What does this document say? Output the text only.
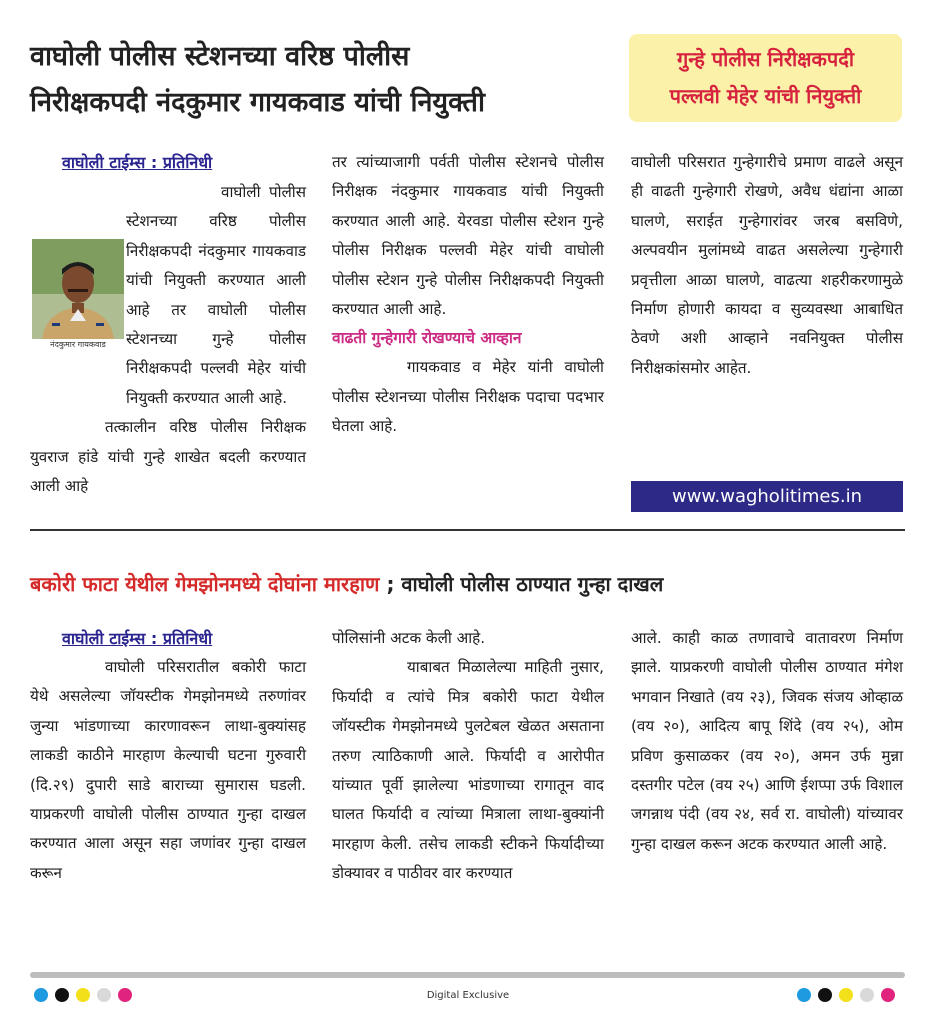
वाघोली पोलीस स्टेशनच्या वरिष्ठ पोलीस
निरीक्षकपदी नंदकुमार गायकवाड यांची नियुक्ती
गुन्हे पोलीस निरीक्षकपदी
पल्लवी मेहेर यांची नियुक्ती
वाघोली टाईम्स : प्रतिनिधी
नंदकुमार गायकवाड

वाघोली पोलीस स्टेशनच्या वरिष्ठ पोलीस निरीक्षकपदी नंदकुमार गायकवाड यांची नियुक्ती करण्यात आली आहे तर वाघोली पोलीस स्टेशनच्या गुन्हे पोलीस निरीक्षकपदी पल्लवी मेहेर यांची नियुक्ती करण्यात आली आहे.

तत्कालीन वरिष्ठ पोलीस निरीक्षक युवराज हांडे यांची गुन्हे शाखेत बदली करण्यात आली आहे

तर त्यांच्याजागी पर्वती पोलीस स्टेशनचे पोलीस निरीक्षक नंदकुमार गायकवाड यांची नियुक्ती करण्यात आली आहे. येरवडा पोलीस स्टेशन गुन्हे पोलीस निरीक्षक पल्लवी मेहेर यांची वाघोली पोलीस स्टेशन गुन्हे पोलीस निरीक्षकपदी नियुक्ती करण्यात आली आहे.

वाढती गुन्हेगारी रोखण्याचे आव्हान

गायकवाड व मेहेर यांनी वाघोली पोलीस स्टेशनच्या पोलीस निरीक्षक पदाचा पदभार घेतला आहे.

वाघोली परिसरात गुन्हेगारीचे प्रमाण वाढले असून ही वाढती गुन्हेगारी रोखणे, अवैध धंद्यांना आळा घालणे, सराईत गुन्हेगारांवर जरब बसविणे, अल्पवयीन मुलांमध्ये वाढत असलेल्या गुन्हेगारी प्रवृत्तीला आळा घालणे, वाढत्या शहरीकरणामुळे निर्माण होणारी कायदा व सुव्यवस्था आबाधित ठेवणे अशी आव्हाने नवनियुक्त पोलीस निरीक्षकांसमोर आहेत.

www.wagholitimes.in
बकोरी फाटा येथील गेमझोनमध्ये दोघांना मारहाण ; वाघोली पोलीस ठाण्यात गुन्हा दाखल
वाघोली टाईम्स : प्रतिनिधी

वाघोली परिसरातील बकोरी फाटा येथे असलेल्या जॉयस्टीक गेमझोनमध्ये तरुणांवर जुन्या भांडणाच्या कारणावरून लाथा-बुक्यांसह लाकडी काठीने मारहाण केल्याची घटना गुरुवारी (दि.२९) दुपारी साडे बाराच्या सुमारास घडली. याप्रकरणी वाघोली पोलीस ठाण्यात गुन्हा दाखल करण्यात आला असून सहा जणांवर गुन्हा दाखल करून

पोलिसांनी अटक केली आहे.

याबाबत मिळालेल्या माहिती नुसार, फिर्यादी व त्यांचे मित्र बकोरी फाटा येथील जॉयस्टीक गेमझोनमध्ये पुलटेबल खेळत असताना तरुण त्याठिकाणी आले. फिर्यादी व आरोपीत यांच्यात पूर्वी झालेल्या भांडणाच्या रागातून वाद घालत फिर्यादी व त्यांच्या मित्राला लाथा-बुक्यांनी मारहाण केली. तसेच लाकडी स्टीकने फिर्यादीच्या डोक्यावर व पाठीवर वार करण्यात

आले. काही काळ तणावाचे वातावरण निर्माण झाले. याप्रकरणी वाघोली पोलीस ठाण्यात मंगेश भगवान निखाते (वय २३), जिवक संजय ओव्हाळ (वय २०), आदित्य बापू शिंदे (वय २५), ओम प्रविण कुसाळकर (वय २०), अमन उर्फ मुन्ना दस्तगीर पटेल (वय २५) आणि ईशप्पा उर्फ विशाल जगन्नाथ पंदी (वय २४, सर्व रा. वाघोली) यांच्यावर गुन्हा दाखल करून अटक करण्यात आली आहे.

Digital Exclusive
